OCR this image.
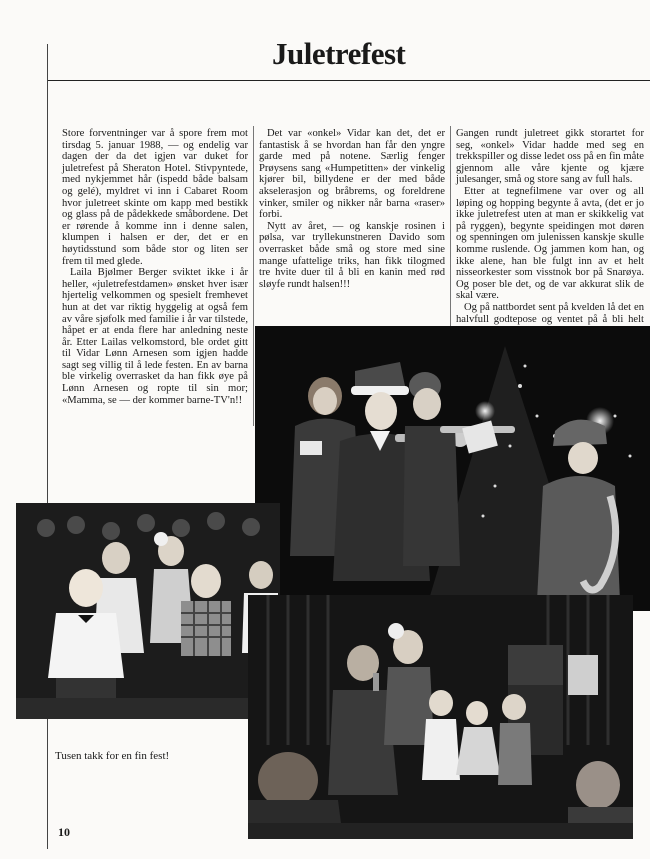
Juletrefest

Store forventninger var å spore frem mot tirsdag 5. januar 1988, — og endelig var dagen der da det igjen var duket for juletrefest på Sheraton Hotel. Stivpyntede, med nykjemmet hår (ispedd både balsam og gelé), myldret vi inn i Cabaret Room hvor juletreet skinte om kapp med bestikk og glass på de pådekkede småbordene. Det er rørende å komme inn i denne salen, klumpen i halsen er der, det er en høytidsstund som både stor og liten ser frem til med glede.

Laila Bjølmer Berger sviktet ikke i år heller, «juletrefestdamen» ønsket hver især hjertelig velkommen og spesielt fremhevet hun at det var riktig hyggelig at også fem av våre sjøfolk med familie i år var tilstede, håpet er at enda flere har anledning neste år. Etter Lailas velkomstord, ble ordet gitt til Vidar Lønn Arnesen som igjen hadde sagt seg villig til å lede festen. En av barna ble virkelig overrasket da han fikk øye på Lønn Arnesen og ropte til sin mor; «Mamma, se — der kommer barne-TV'n!!

Det var «onkel» Vidar kan det, det er fantastisk å se hvordan han får den yngre garde med på notene. Særlig fenger Prøysens sang «Humpetitten» der vinkelig kjører bil, billydene er der med både akselerasjon og bråbrems, og foreldrene vinker, smiler og nikker når barna «raser» forbi.

Nytt av året, — og kanskje rosinen i pølsa, var tryllekunstneren Davido som overrasket både små og store med sine mange ufattelige triks, han fikk tilogmed tre hvite duer til å bli en kanin med rød sløyfe rundt halsen!!!

Gangen rundt juletreet gikk storartet for seg, «onkel» Vidar hadde med seg en trekkspiller og disse ledet oss på en fin måte gjennom alle våre kjente og kjære julesanger, små og store sang av full hals.

Etter at tegnefilmene var over og all løping og hopping begynte å avta, (det er jo ikke juletrefest uten at man er skikkelig vat på ryggen), begynte speidingen mot døren og spenningen om julenissen kanskje skulle komme ruslende. Og jammen kom han, og ikke alene, han ble fulgt inn av et helt nisseorkester som visstnok bor på Snarøya. Og poser ble det, og de var akkurat slik de skal være.

Og på nattbordet sent på kvelden lå det en halvfull godtepose og ventet på å bli helt

Tusen takk for en fin fest!

10
